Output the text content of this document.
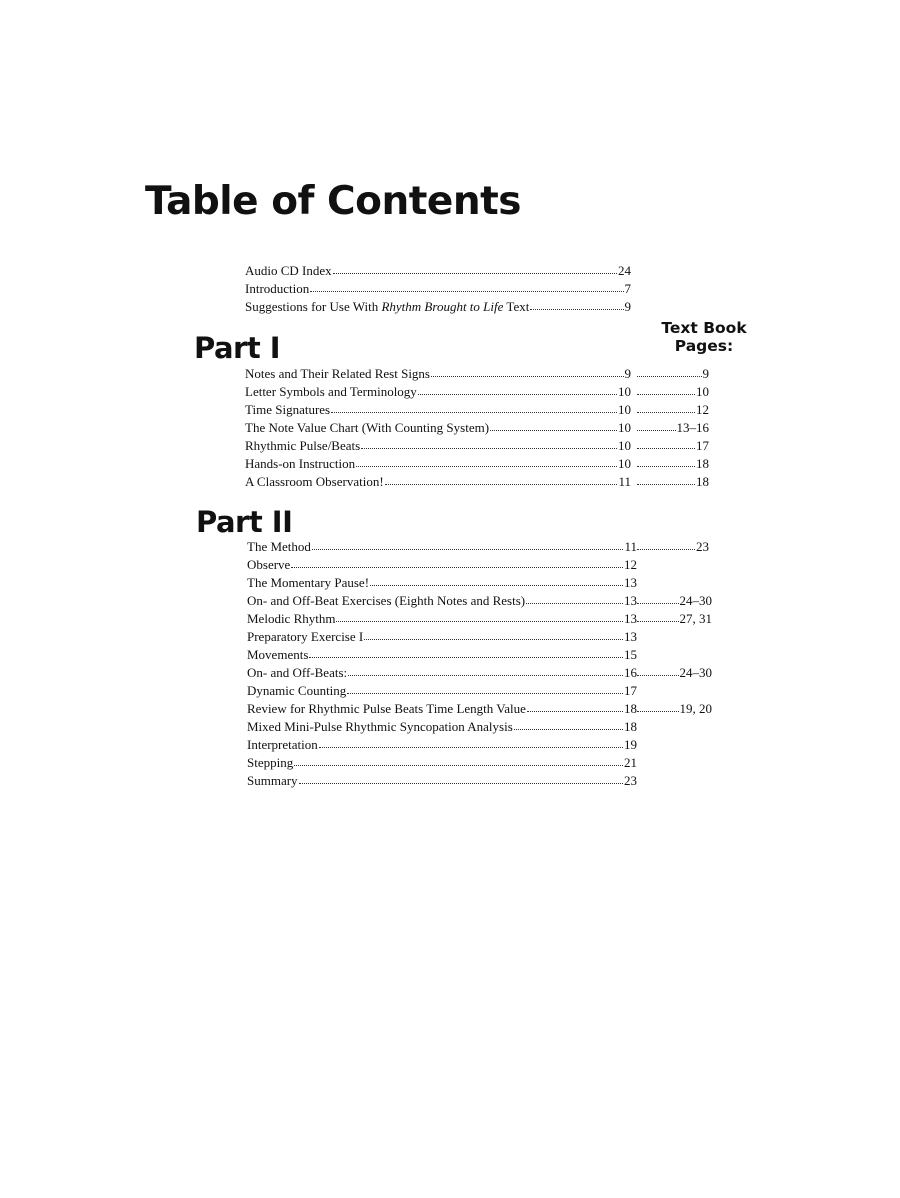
Table of Contents
Text Book
Pages:
Part I
Part II
Audio CD Index	24
Introduction	7
Suggestions for Use With Rhythm Brought to Life Text	9
Notes and Their Related Rest Signs	9	9
Letter Symbols and Terminology	10	10
Time Signatures	10	12
The Note Value Chart (With Counting System)	10	13–16
Rhythmic Pulse/Beats	10	17
Hands-on Instruction	10	18
A Classroom Observation!	11	18
The Method	11	23
Observe	12
The Momentary Pause!	13
On- and Off-Beat Exercises (Eighth Notes and Rests)	13	24–30
Melodic Rhythm	13	27, 31
Preparatory Exercise I	13
Movements	15
On- and Off-Beats:	16	24–30
Dynamic Counting	17
Review for Rhythmic Pulse Beats Time Length Value	18	19, 20
Mixed Mini-Pulse Rhythmic Syncopation Analysis	18
Interpretation	19
Stepping	21
Summary	23
